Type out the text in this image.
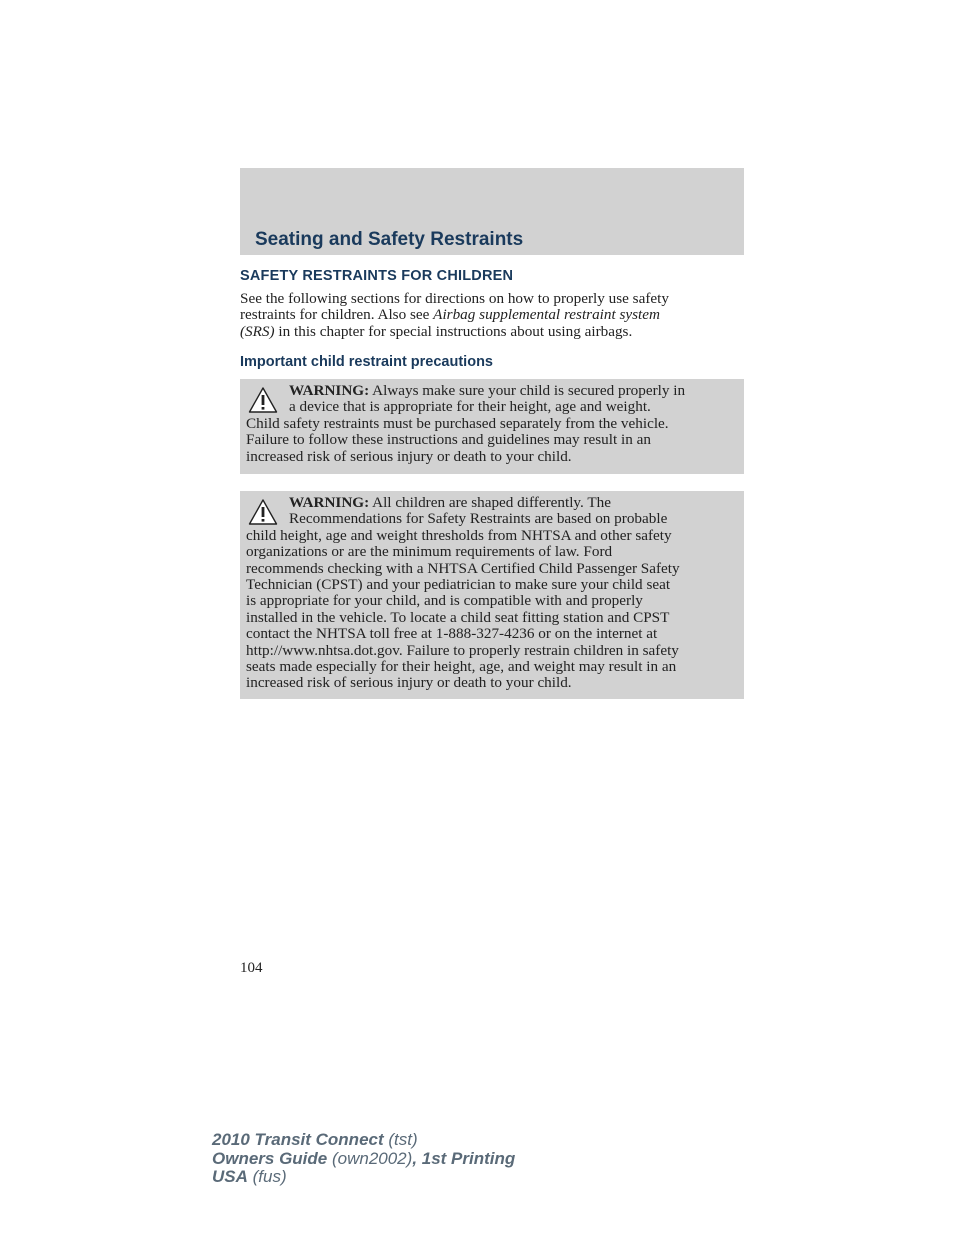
Seating and Safety Restraints
SAFETY RESTRAINTS FOR CHILDREN

See the following sections for directions on how to properly use safety
restraints for children. Also see Airbag supplemental restraint system
(SRS) in this chapter for special instructions about using airbags.

Important child restraint precautions

WARNING: Always make sure your child is secured properly in
a device that is appropriate for their height, age and weight.
Child safety restraints must be purchased separately from the vehicle.
Failure to follow these instructions and guidelines may result in an
increased risk of serious injury or death to your child.

WARNING: All children are shaped differently. The
Recommendations for Safety Restraints are based on probable
child height, age and weight thresholds from NHTSA and other safety
organizations or are the minimum requirements of law. Ford
recommends checking with a NHTSA Certified Child Passenger Safety
Technician (CPST) and your pediatrician to make sure your child seat
is appropriate for your child, and is compatible with and properly
installed in the vehicle. To locate a child seat fitting station and CPST
contact the NHTSA toll free at 1-888-327-4236 or on the internet at
http://www.nhtsa.dot.gov. Failure to properly restrain children in safety
seats made especially for their height, age, and weight may result in an
increased risk of serious injury or death to your child.

104

2010 Transit Connect (tst)
Owners Guide (own2002), 1st Printing
USA (fus)
